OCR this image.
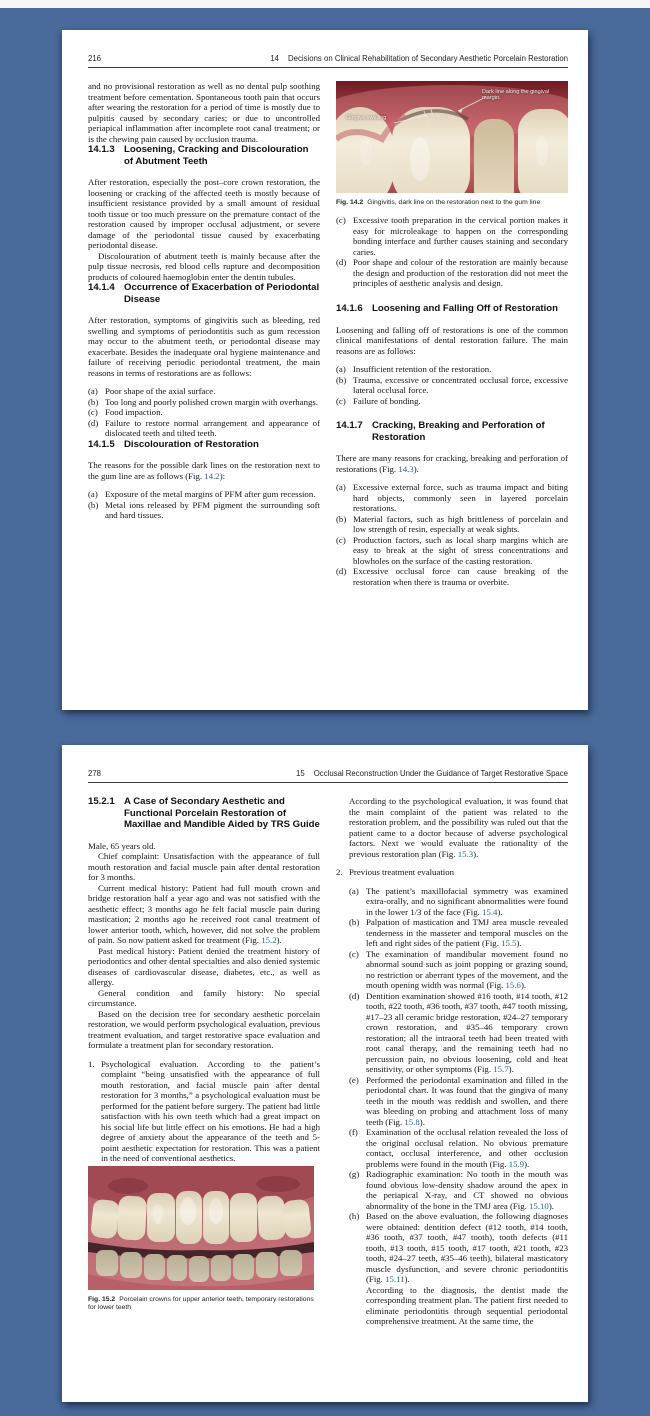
216	14 Decisions on Clinical Rehabilitation of Secondary Aesthetic Porcelain Restoration

and no provisional restoration as well as no dental pulp soothing treatment before cementation. Spontaneous tooth pain that occurs after wearing the restoration for a period of time is mostly due to pulpitis caused by secondary caries; or due to uncontrolled periapical inflammation after incomplete root canal treatment; or is the chewing pain caused by occlusion trauma.

14.1.3 Loosening, Cracking and Discolouration of Abutment Teeth

After restoration, especially the post–core crown restoration, the loosening or cracking of the affected teeth is mostly because of insufficient resistance provided by a small amount of residual tooth tissue or too much pressure on the premature contact of the restoration caused by improper occlusal adjustment, or severe damage of the periodontal tissue caused by exacerbating periodontal disease.

Discolouration of abutment teeth is mainly because after the pulp tissue necrosis, red blood cells rupture and decomposition products of coloured haemoglobin enter the dentin tubules.

14.1.4 Occurrence of Exacerbation of Periodontal Disease

After restoration, symptoms of gingivitis such as bleeding, red swelling and symptoms of periodontitis such as gum recession may occur to the abutment teeth, or periodontal disease may exacerbate. Besides the inadequate oral hygiene maintenance and failure of receiving periodic periodontal treatment, the main reasons in terms of restorations are as follows:

(a) Poor shape of the axial surface.
(b) Too long and poorly polished crown margin with overhangs.
(c) Food impaction.
(d) Failure to restore normal arrangement and appearance of dislocated teeth and tilted teeth.
14.1.5 Discolouration of Restoration

The reasons for the possible dark lines on the restoration next to the gum line are as follows (Fig. 14.2):

(a) Exposure of the metal margins of PFM after gum recession.
(b) Metal ions released by PFM pigment the surrounding soft and hard tissues.
Gingiva swelling
Dark line along the gingival margin.

Fig. 14.2 Gingivitis, dark line on the restoration next to the gum line

(c) Excessive tooth preparation in the cervical portion makes it easy for microleakage to happen on the corresponding bonding interface and further causes staining and secondary caries.
(d) Poor shape and colour of the restoration are mainly because the design and production of the restoration did not meet the principles of aesthetic analysis and design.
14.1.6 Loosening and Falling Off of Restoration

Loosening and falling off of restorations is one of the common clinical manifestations of dental restoration failure. The main reasons are as follows:

(a) Insufficient retention of the restoration.
(b) Trauma, excessive or concentrated occlusal force, excessive lateral occlusal force.
(c) Failure of bonding.
14.1.7 Cracking, Breaking and Perforation of Restoration

There are many reasons for cracking, breaking and perforation of restorations (Fig. 14.3).

(a) Excessive external force, such as trauma impact and biting hard objects, commonly seen in layered porcelain restorations.
(b) Material factors, such as high brittleness of porcelain and low strength of resin, especially at weak sights.
(c) Production factors, such as local sharp margins which are easy to break at the sight of stress concentrations and blowholes on the surface of the casting restoration.
(d) Excessive occlusal force can cause breaking of the restoration when there is trauma or overbite.
278	15 Occlusal Reconstruction Under the Guidance of Target Restorative Space
15.2.1 A Case of Secondary Aesthetic and Functional Porcelain Restoration of Maxillae and Mandible Aided by TRS Guide

Male, 65 years old.

Chief complaint: Unsatisfaction with the appearance of full mouth restoration and facial muscle pain after dental restoration for 3 months.

Current medical history: Patient had full mouth crown and bridge restoration half a year ago and was not satisfied with the aesthetic effect; 3 months ago he felt facial muscle pain during mastication; 2 months ago he received root canal treatment of lower anterior tooth, which, however, did not solve the problem of pain. So now patient asked for treatment (Fig. 15.2).

Past medical history: Patient denied the treatment history of periodontics and other dental specialties and also denied systemic diseases of cardiovascular disease, diabetes, etc., as well as allergy.

General condition and family history: No special circumstance.

Based on the decision tree for secondary aesthetic porcelain restoration, we would perform psychological evaluation, previous treatment evaluation, and target restorative space evaluation and formulate a treatment plan for secondary restoration.

1. Psychological evaluation. According to the patient’s complaint “being unsatisfied with the appearance of full mouth restoration, and facial muscle pain after dental restoration for 3 months,” a psychological evaluation must be performed for the patient before surgery. The patient had little satisfaction with his own teeth which had a great impact on his social life but little effect on his emotions. He had a high degree of anxiety about the appearance of the teeth and 5-point aesthetic expectation for restoration. This was a patient in the need of conventional aesthetics.

Fig. 15.2 Porcelain crowns for upper anterior teeth, temporary restorations for lower teeth

According to the psychological evaluation, it was found that the main complaint of the patient was related to the restoration problem, and the possibility was ruled out that the patient came to a doctor because of adverse psychological factors. Next we would evaluate the rationality of the previous restoration plan (Fig. 15.3).

2. Previous treatment evaluation
(a) The patient’s maxillofacial symmetry was examined extra-orally, and no significant abnormalities were found in the lower 1/3 of the face (Fig. 15.4).
(b) Palpation of mastication and TMJ area muscle revealed tenderness in the masseter and temporal muscles on the left and right sides of the patient (Fig. 15.5).
(c) The examination of mandibular movement found no abnormal sound such as joint popping or grazing sound, no restriction or aberrant types of the movement, and the mouth opening width was normal (Fig. 15.6).
(d) Dentition examination showed #16 tooth, #14 tooth, #12 tooth, #22 tooth, #36 tooth, #37 tooth, #47 tooth missing, #17–23 all ceramic bridge restoration, #24–27 temporary crown restoration, and #35–46 temporary crown restoration; all the intraoral teeth had been treated with root canal therapy, and the remaining teeth had no percussion pain, no obvious loosening, cold and heat sensitivity, or other symptoms (Fig. 15.7).
(e) Performed the periodontal examination and filled in the periodontal chart. It was found that the gingiva of many teeth in the mouth was reddish and swollen, and there was bleeding on probing and attachment loss of many teeth (Fig. 15.8).
(f) Examination of the occlusal relation revealed the loss of the original occlusal relation. No obvious premature contact, occlusal interference, and other occlusion problems were found in the mouth (Fig. 15.9).
(g) Radiographic examination: No tooth in the mouth was found obvious low-density shadow around the apex in the periapical X-ray, and CT showed no obvious abnormality of the bone in the TMJ area (Fig. 15.10).
(h) Based on the above evaluation, the following diagnoses were obtained: dentition defect (#12 tooth, #14 tooth, #36 tooth, #37 tooth, #47 tooth), tooth defects (#11 tooth, #13 tooth, #15 tooth, #17 tooth, #21 tooth, #23 tooth, #24–27 teeth, #35–46 teeth), bilateral masticatory muscle dysfunction, and severe chronic periodontitis (Fig. 15.11).

According to the diagnosis, the dentist made the corresponding treatment plan. The patient first needed to eliminate periodontitis through sequential periodontal comprehensive treatment. At the same time, the
